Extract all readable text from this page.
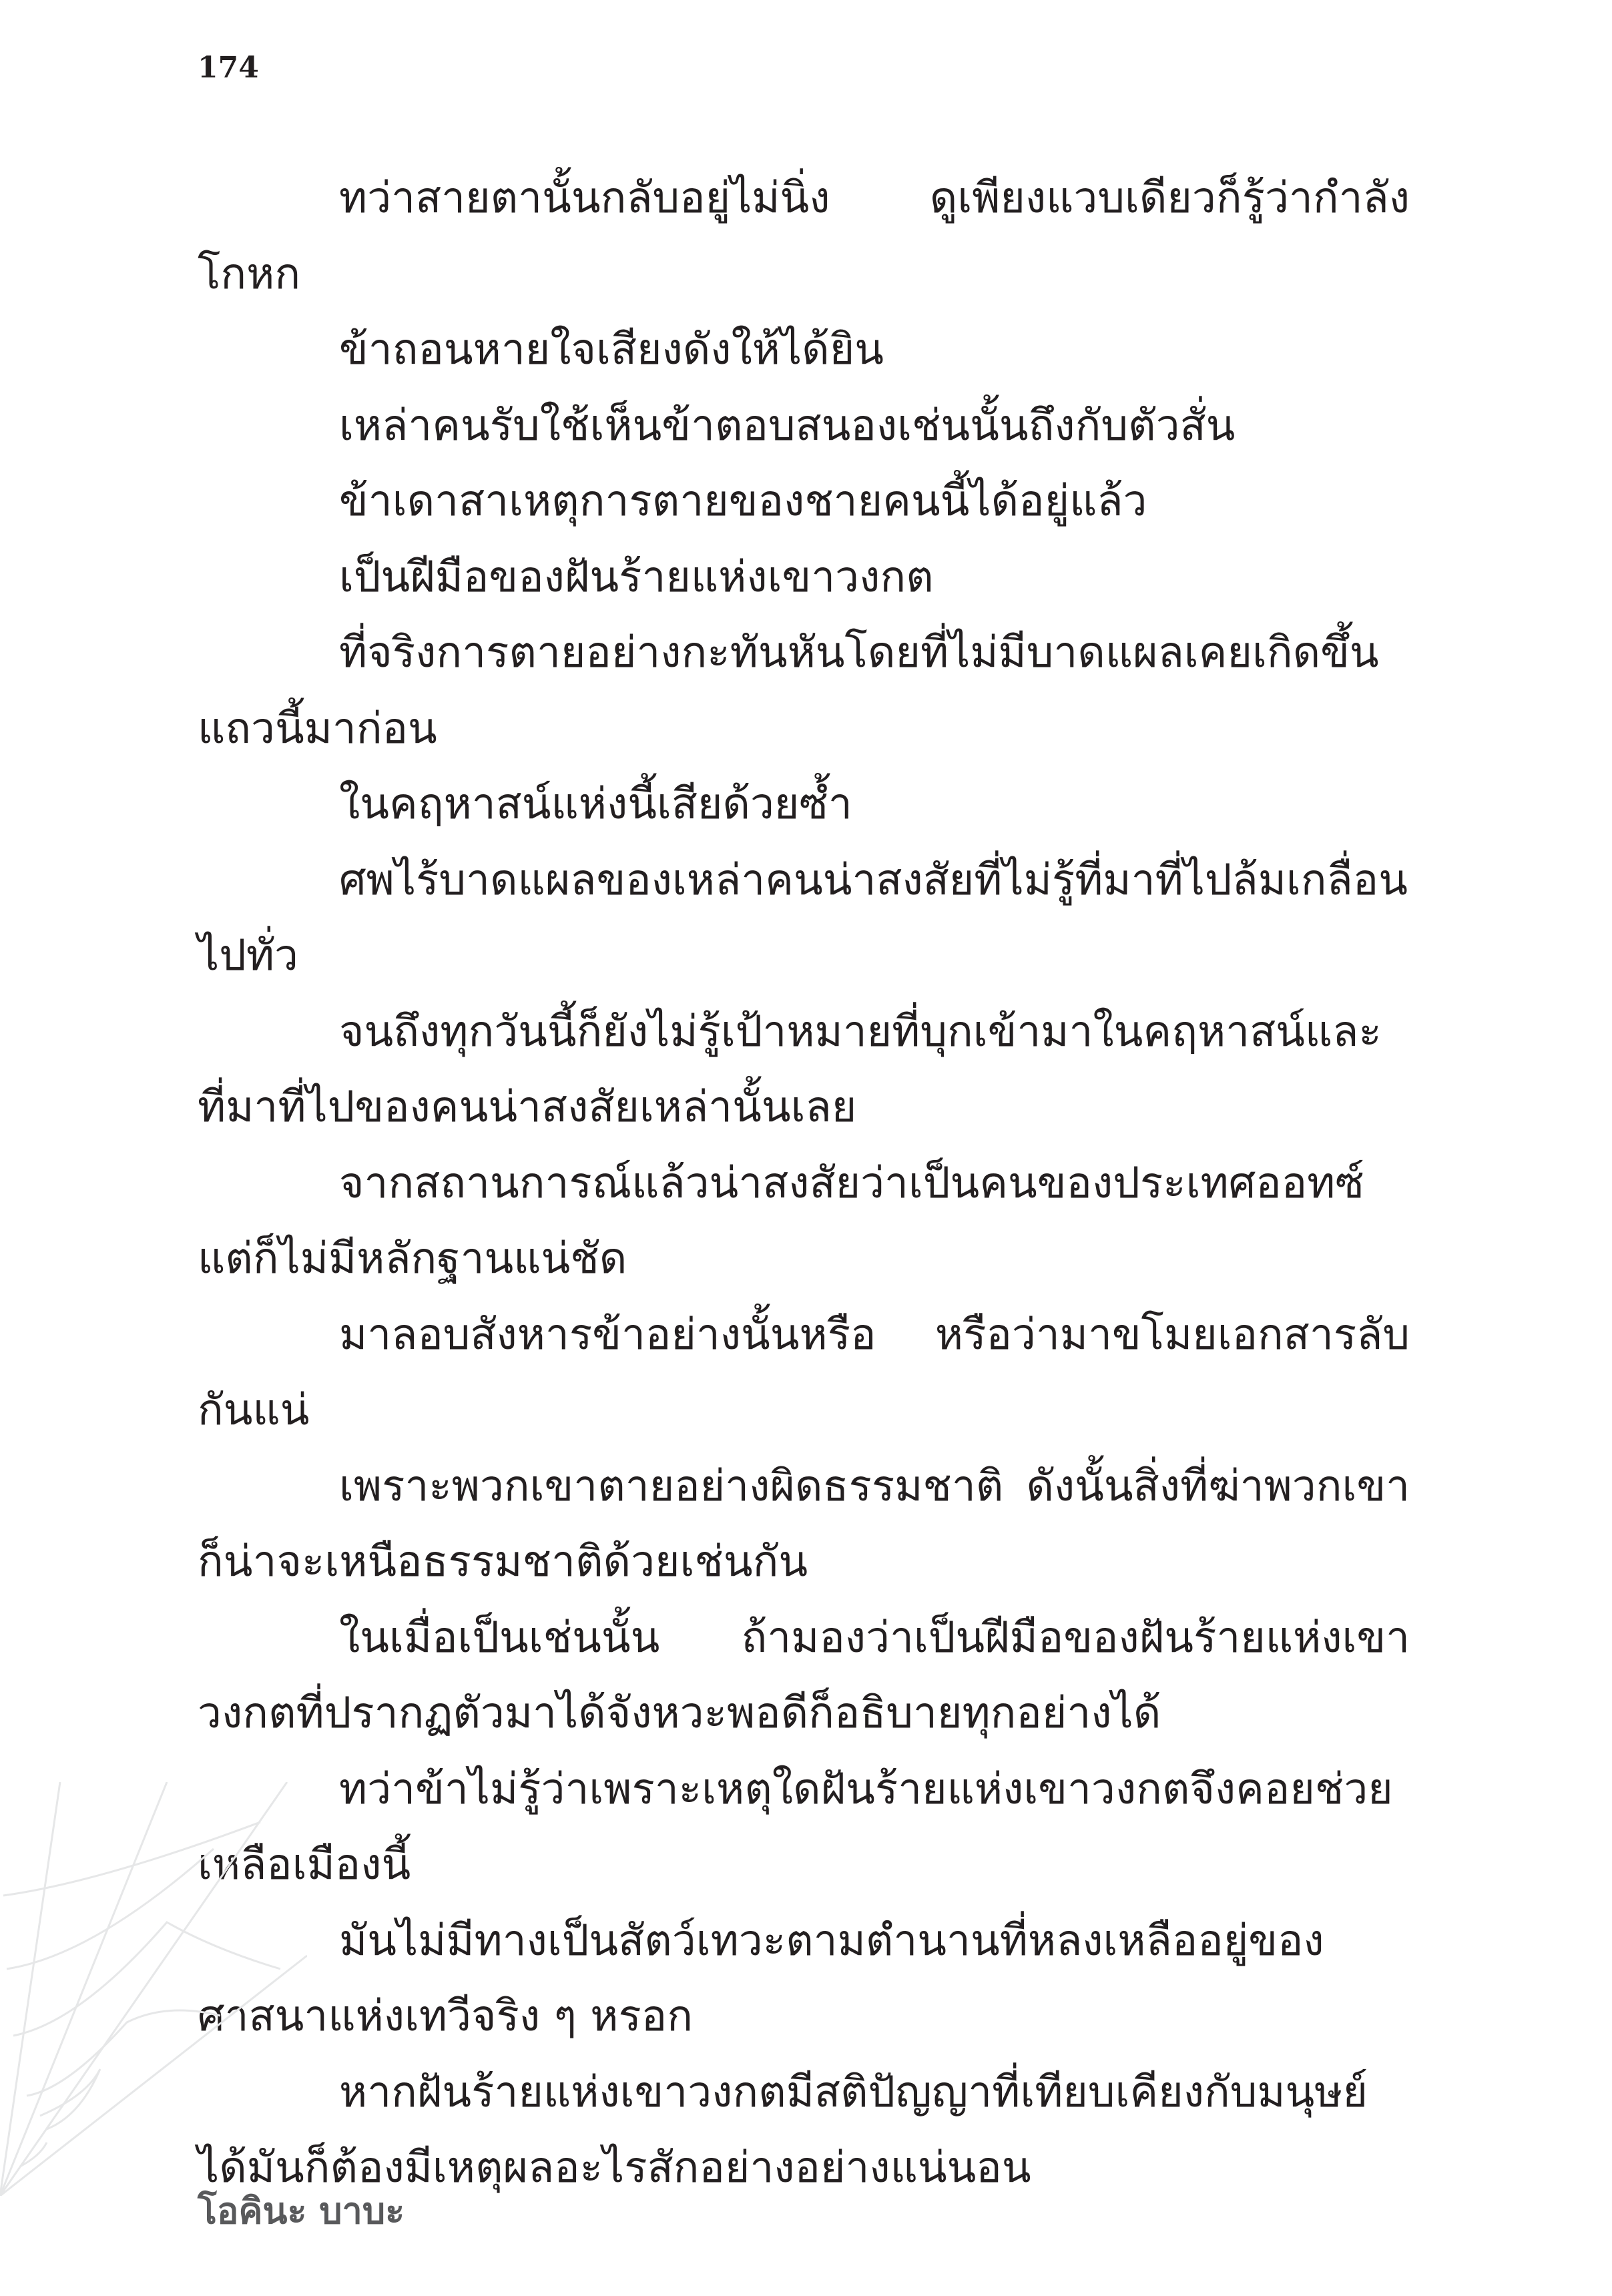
174

ทว่าสายตานั้นกลับอยู่ไม่นิ่ง ดูเพียงแวบเดียวก็รู้ว่ากำลังโกหก

ข้าถอนหายใจเสียงดังให้ได้ยิน

เหล่าคนรับใช้เห็นข้าตอบสนองเช่นนั้นถึงกับตัวสั่น

ข้าเดาสาเหตุการตายของชายคนนี้ได้อยู่แล้ว

เป็นฝีมือของฝันร้ายแห่งเขาวงกต

ที่จริงการตายอย่างกะทันหันโดยที่ไม่มีบาดแผลเคยเกิดขึ้นแถวนี้มาก่อน

ในคฤหาสน์แห่งนี้เสียด้วยซ้ำ

ศพไร้บาดแผลของเหล่าคนน่าสงสัยที่ไม่รู้ที่มาที่ไปล้มเกลื่อนไปทั่ว

จนถึงทุกวันนี้ก็ยังไม่รู้เป้าหมายที่บุกเข้ามาในคฤหาสน์และที่มาที่ไปของคนน่าสงสัยเหล่านั้นเลย

จากสถานการณ์แล้วน่าสงสัยว่าเป็นคนของประเทศออทซ์แต่ก็ไม่มีหลักฐานแน่ชัด

มาลอบสังหารข้าอย่างนั้นหรือ หรือว่ามาขโมยเอกสารลับกันแน่

เพราะพวกเขาตายอย่างผิดธรรมชาติ ดังนั้นสิ่งที่ฆ่าพวกเขาก็น่าจะเหนือธรรมชาติด้วยเช่นกัน

ในเมื่อเป็นเช่นนั้น ถ้ามองว่าเป็นฝีมือของฝันร้ายแห่งเขาวงกตที่ปรากฏตัวมาได้จังหวะพอดีก็อธิบายทุกอย่างได้

ทว่าข้าไม่รู้ว่าเพราะเหตุใดฝันร้ายแห่งเขาวงกตจึงคอยช่วยเหลือเมืองนี้

มันไม่มีทางเป็นสัตว์เทวะตามตำนานที่หลงเหลืออยู่ของศาสนาแห่งเทวีจริง ๆ หรอก

หากฝันร้ายแห่งเขาวงกตมีสติปัญญาที่เทียบเคียงกับมนุษย์ได้มันก็ต้องมีเหตุผลอะไรสักอย่างอย่างแน่นอน

โอคินะ บาบะ
